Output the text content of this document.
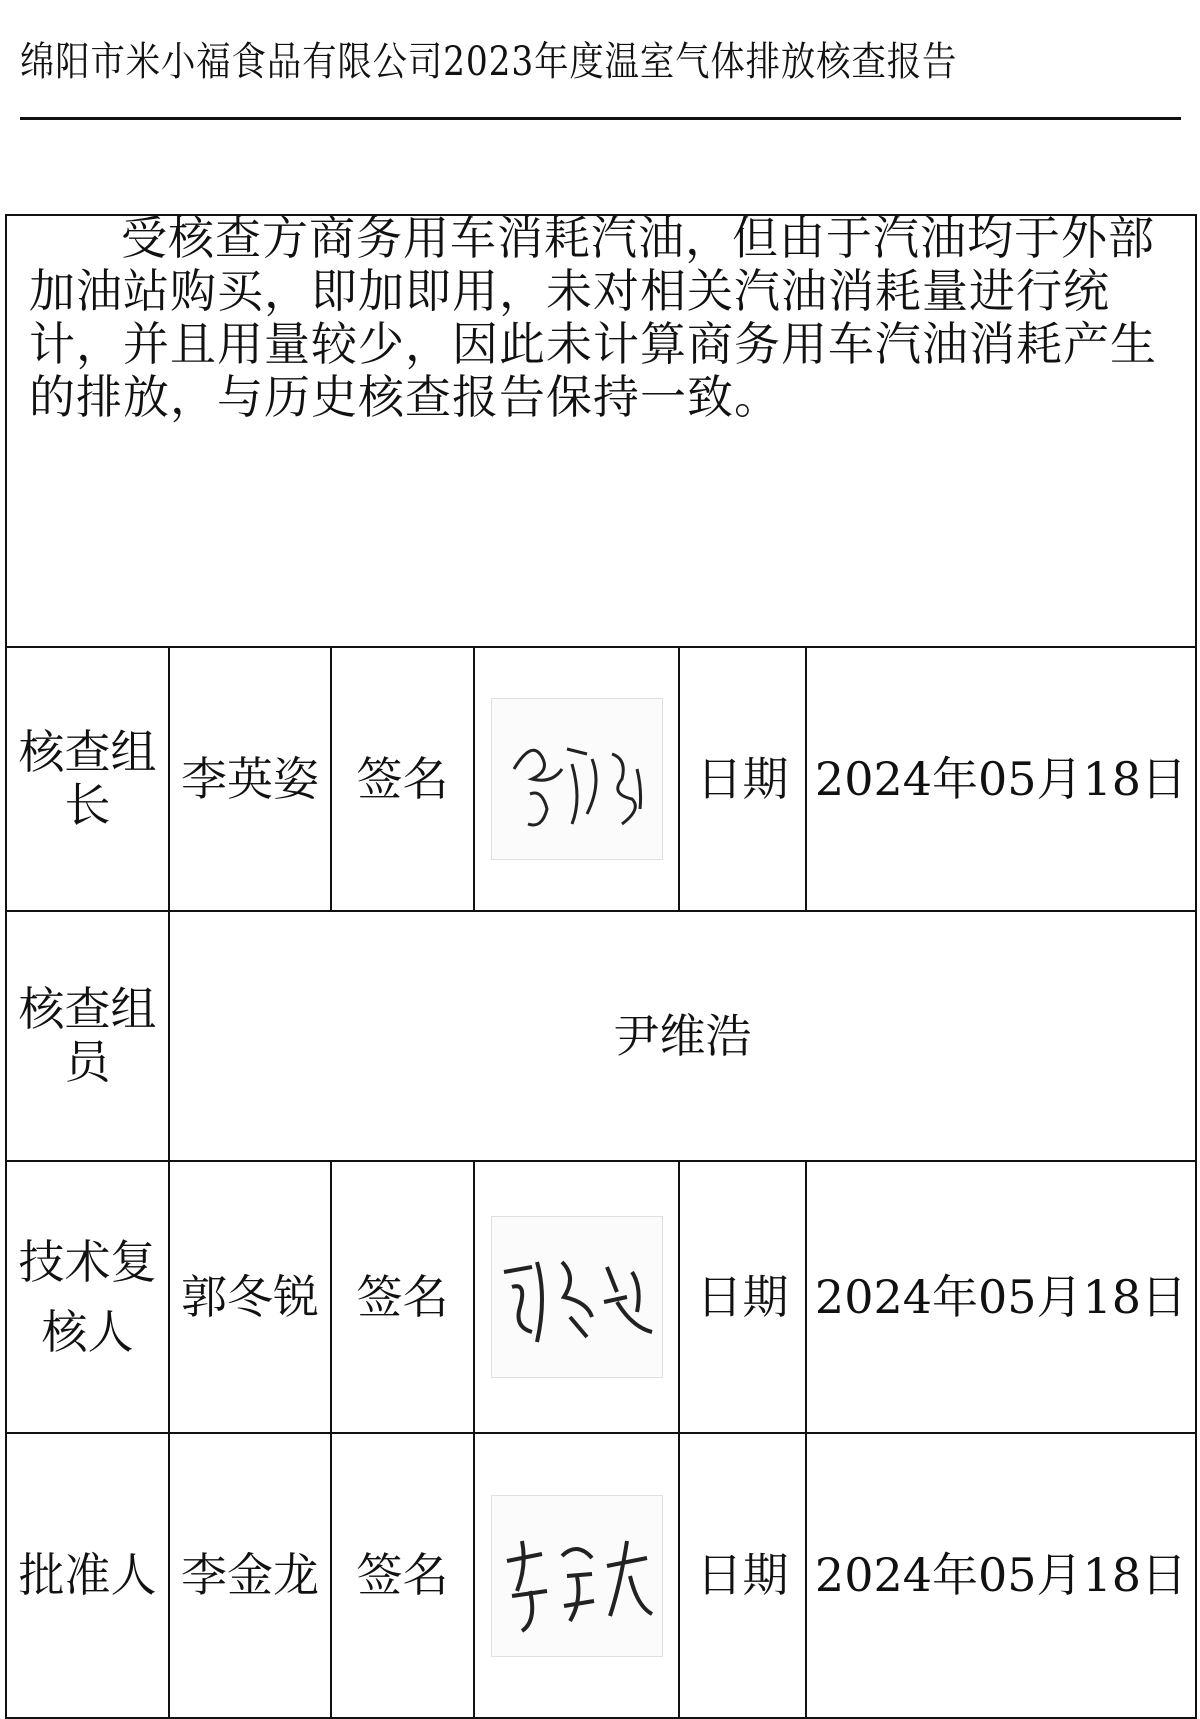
绵阳市米小福食品有限公司2023年度温室气体排放核查报告
受核查方商务用车消耗汽油，但由于汽油均于外部加油站购买，即加即用，未对相关汽油消耗量进行统计，并且用量较少，因此未计算商务用车汽油消耗产生的排放，与历史核查报告保持一致。					

核查组长	李英姿	签名		日期	2024年05月18日
核查组员	尹维浩				
技术复核人	郭冬锐	签名		日期	2024年05月18日
批准人	李金龙	签名		日期	2024年05月18日
